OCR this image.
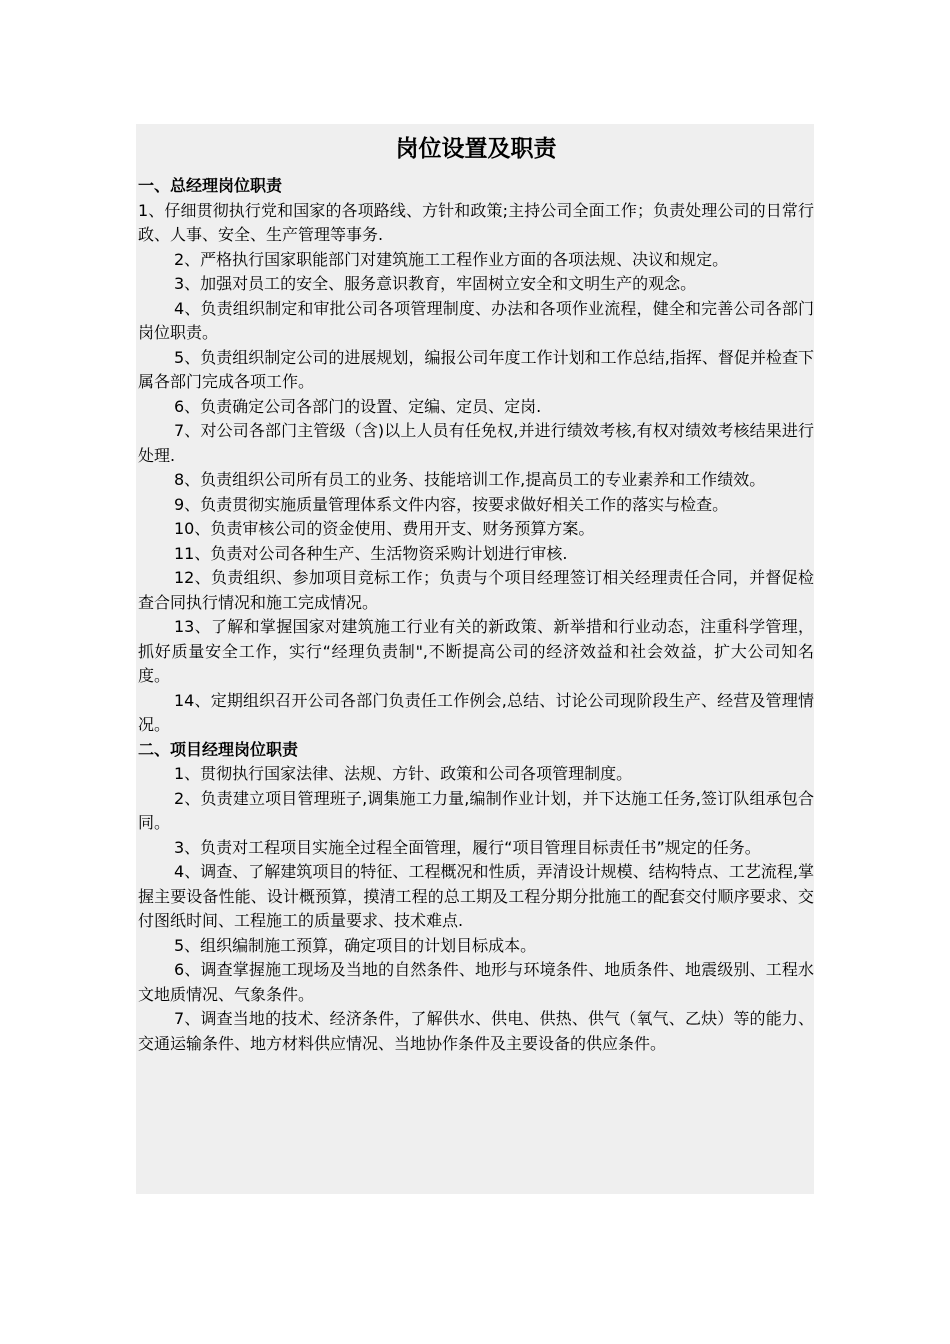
岗位设置及职责

一、总经理岗位职责

1、仔细贯彻执行党和国家的各项路线、方针和政策;主持公司全面工作；负责处理公司的日常行政、人事、安全、生产管理等事务.

2、严格执行国家职能部门对建筑施工工程作业方面的各项法规、决议和规定。

3、加强对员工的安全、服务意识教育，牢固树立安全和文明生产的观念。

4、负责组织制定和审批公司各项管理制度、办法和各项作业流程，健全和完善公司各部门岗位职责。

5、负责组织制定公司的进展规划，编报公司年度工作计划和工作总结,指挥、督促并检查下属各部门完成各项工作。

6、负责确定公司各部门的设置、定编、定员、定岗.

7、对公司各部门主管级（含)以上人员有任免权,并进行绩效考核,有权对绩效考核结果进行处理.

8、负责组织公司所有员工的业务、技能培训工作,提高员工的专业素养和工作绩效。

9、负责贯彻实施质量管理体系文件内容，按要求做好相关工作的落实与检查。

10、负责审核公司的资金使用、费用开支、财务预算方案。

11、负责对公司各种生产、生活物资采购计划进行审核.

12、负责组织、参加项目竞标工作；负责与个项目经理签订相关经理责任合同，并督促检查合同执行情况和施工完成情况。

13、了解和掌握国家对建筑施工行业有关的新政策、新举措和行业动态，注重科学管理，抓好质量安全工作，实行“经理负责制",不断提高公司的经济效益和社会效益，扩大公司知名度。

14、定期组织召开公司各部门负责任工作例会,总结、讨论公司现阶段生产、经营及管理情况。

二、项目经理岗位职责

1、贯彻执行国家法律、法规、方针、政策和公司各项管理制度。

2、负责建立项目管理班子,调集施工力量,编制作业计划，并下达施工任务,签订队组承包合同。

3、负责对工程项目实施全过程全面管理，履行“项目管理目标责任书”规定的任务。

4、调查、了解建筑项目的特征、工程概况和性质，弄清设计规模、结构特点、工艺流程,掌握主要设备性能、设计概预算，摸清工程的总工期及工程分期分批施工的配套交付顺序要求、交付图纸时间、工程施工的质量要求、技术难点.

5、组织编制施工预算，确定项目的计划目标成本。

6、调查掌握施工现场及当地的自然条件、地形与环境条件、地质条件、地震级别、工程水文地质情况、气象条件。

7、调查当地的技术、经济条件，了解供水、供电、供热、供气（氧气、乙炔）等的能力、交通运输条件、地方材料供应情况、当地协作条件及主要设备的供应条件。
